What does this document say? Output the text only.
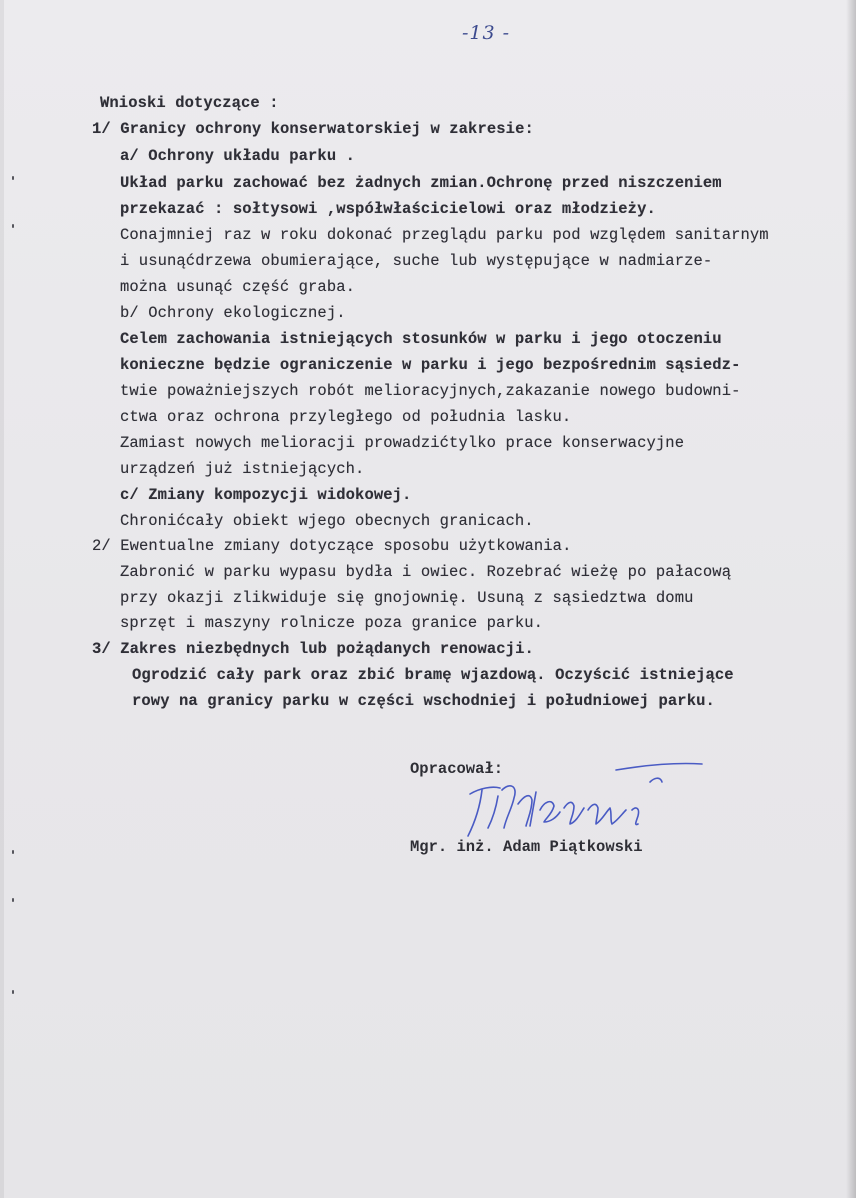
-13 -
Wnioski dotyczące :
1/ Granicy ochrony konserwatorskiej w zakresie:
a/ Ochrony układu parku .
Układ parku zachować bez żadnych zmian.Ochronę przed niszczeniem
przekazać : sołtysowi ,współwłaścicielowi oraz młodzieży.
Conajmniej raz w roku dokonać przeglądu parku pod względem sanitarnym
i usunąćdrzewa obumierające, suche lub występujące w nadmiarze-
można usunąć część graba.
b/ Ochrony ekologicznej.
Celem zachowania istniejących stosunków w parku i jego otoczeniu
konieczne będzie ograniczenie w parku i jego bezpośrednim sąsiedz-
twie poważniejszych robót melioracyjnych,zakazanie nowego budowni-
ctwa oraz ochrona przyległego od południa lasku.
Zamiast nowych melioracji prowadzićtylko prace konserwacyjne
urządzeń już istniejących.
c/ Zmiany kompozycji widokowej.
Chronićcały obiekt wjego obecnych granicach.
2/ Ewentualne zmiany dotyczące sposobu użytkowania.
Zabronić w parku wypasu bydła i owiec. Rozebrać wieżę po pałacową
przy okazji zlikwiduje się gnojownię. Usuną z sąsiedztwa domu
sprzęt i maszyny rolnicze poza granice parku.
3/ Zakres niezbędnych lub pożądanych renowacji.
Ogrodzić cały park oraz zbić bramę wjazdową. Oczyścić istniejące
rowy na granicy parku w części wschodniej i południowej parku.
Opracował:
Mgr. inż. Adam Piątkowski
